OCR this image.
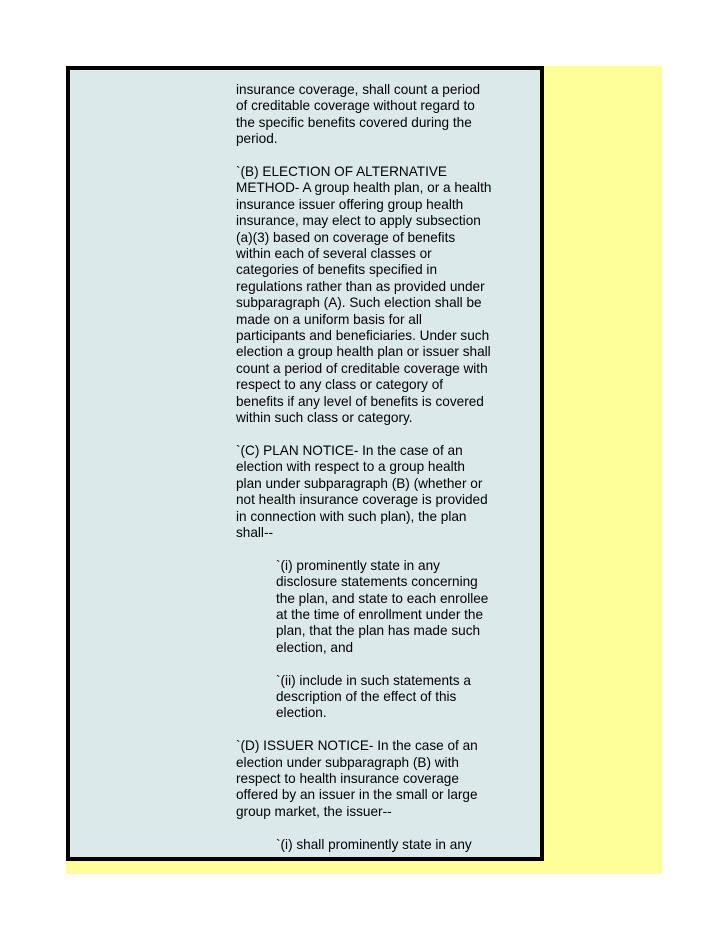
insurance coverage, shall count a period
of creditable coverage without regard to
the specific benefits covered during the
period.

`(B) ELECTION OF ALTERNATIVE
METHOD- A group health plan, or a health
insurance issuer offering group health
insurance, may elect to apply subsection
(a)(3) based on coverage of benefits
within each of several classes or
categories of benefits specified in
regulations rather than as provided under
subparagraph (A). Such election shall be
made on a uniform basis for all
participants and beneficiaries. Under such
election a group health plan or issuer shall
count a period of creditable coverage with
respect to any class or category of
benefits if any level of benefits is covered
within such class or category.

`(C) PLAN NOTICE- In the case of an
election with respect to a group health
plan under subparagraph (B) (whether or
not health insurance coverage is provided
in connection with such plan), the plan
shall--

`(i) prominently state in any
disclosure statements concerning
the plan, and state to each enrollee
at the time of enrollment under the
plan, that the plan has made such
election, and

`(ii) include in such statements a
description of the effect of this
election.

`(D) ISSUER NOTICE- In the case of an
election under subparagraph (B) with
respect to health insurance coverage
offered by an issuer in the small or large
group market, the issuer--

`(i) shall prominently state in any
